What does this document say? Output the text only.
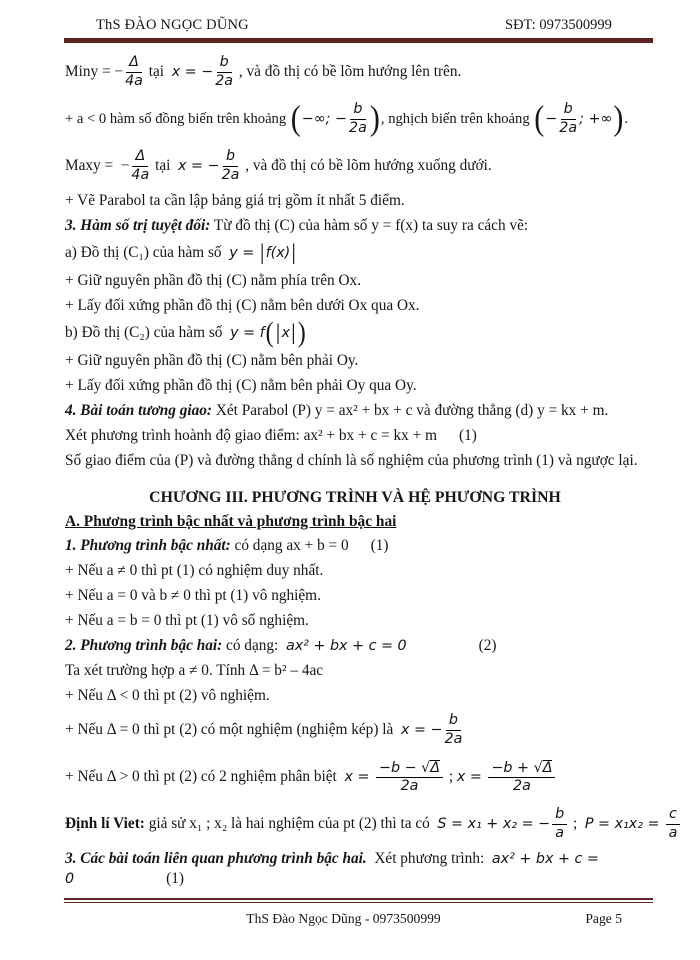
ThS ĐÀO NGỌC DŨNG	SĐT: 0973500999
Miny = − $\frac{\Delta}{4a}$ tại x = − $\frac{b}{2a}$ , và đồ thị có bề lõm hướng lên trên.
+ a < 0 hàm số đồng biến trên khoảng ( −∞; − $\frac{b}{2a}$ ) , nghịch biến trên khoảng ( − $\frac{b}{2a}$ ; +∞ ) .
Maxy =  − $\frac{\Delta}{4a}$ tại x = − $\frac{b}{2a}$ , và đồ thị có bề lõm hướng xuống dưới.

+ Vẽ Parabol ta cần lập bảng giá trị gồm ít nhất 5 điểm.

3. Hàm số trị tuyệt đối: Từ đồ thị (C) của hàm số y = f(x) ta suy ra cách vẽ:

a) Đồ thị (C₁) của hàm số y = | f(x) |

+ Giữ nguyên phần đồ thị (C) nằm phía trên Ox.

+ Lấy đối xứng phần đồ thị (C) nằm bên dưới Ox qua Ox.

b) Đồ thị (C₂) của hàm số y = f ( | x | )

+ Giữ nguyên phần đồ thị (C) nằm bên phải Oy.

+ Lấy đối xứng phần đồ thị (C) nằm bên phải Oy qua Oy.

4. Bài toán tương giao: Xét Parabol (P) y = ax² + bx + c và đường thẳng (d) y = kx + m.

Xét phương trình hoành độ giao điểm: ax² + bx + c = kx + m (1)

Số giao điểm của (P) và đường thẳng d chính là số nghiệm của phương trình (1) và ngược lại.

CHƯƠNG III. PHƯƠNG TRÌNH VÀ HỆ PHƯƠNG TRÌNH

A. Phương trình bậc nhất và phương trình bậc hai

1. Phương trình bậc nhất: có dạng ax + b = 0 (1)

+ Nếu a ≠ 0 thì pt (1) có nghiệm duy nhất.

+ Nếu a = 0 và b ≠ 0 thì pt (1) vô nghiệm.

+ Nếu a = b = 0 thì pt (1) vô số nghiệm.

2. Phương trình bậc hai: có dạng:  ax² + bx + c = 0	(2)

Ta xét trường hợp a ≠ 0. Tính Δ = b² – 4ac

+ Nếu Δ < 0 thì pt (2) vô nghiệm.

+ Nếu Δ = 0 thì pt (2) có một nghiệm (nghiệm kép) là x = − $\frac{b}{2a}$
+ Nếu Δ > 0 thì pt (2) có 2 nghiệm phân biệt $x = \frac{-b - √ \Delta}{2a}$ ; $x = \frac{-b + √ \Delta}{2a}$
Định lí Viet: giả sử x₁ ; x₂ là hai nghiệm của pt (2) thì ta có S = x₁ + x₂ = − $\frac{b}{a}$ ; $P = x_1x_2 = \frac{c}{a}$

3. Các bài toán liên quan phương trình bậc hai.  Xét phương trình:  ax² + bx + c = 0	(1)

ThS Đào Ngọc Dũng - 0973500999	Page 5
